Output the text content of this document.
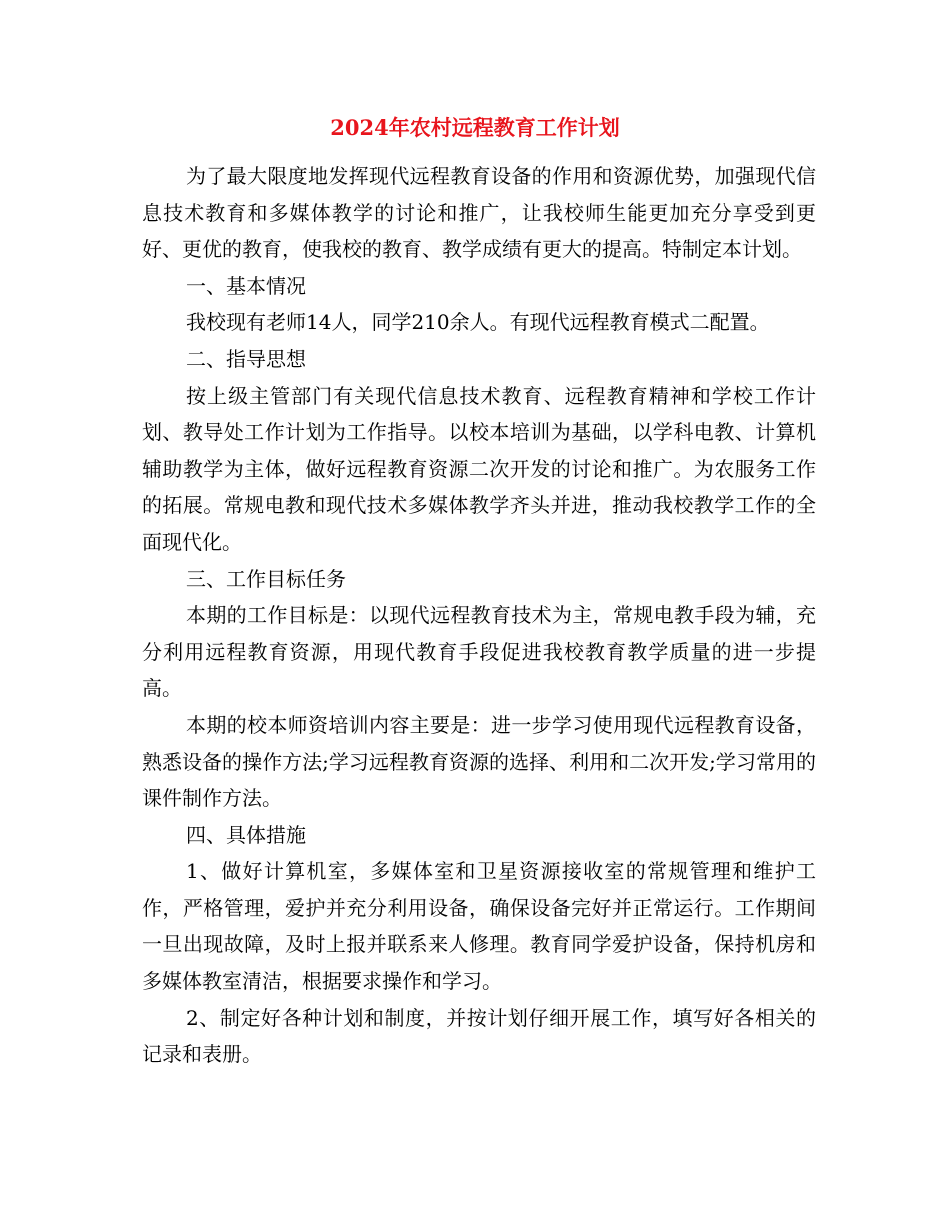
2024年农村远程教育工作计划

为了最大限度地发挥现代远程教育设备的作用和资源优势，加强现代信息技术教育和多媒体教学的讨论和推广，让我校师生能更加充分享受到更好、更优的教育，使我校的教育、教学成绩有更大的提高。特制定本计划。

一、基本情况

我校现有老师14人，同学210余人。有现代远程教育模式二配置。

二、指导思想

按上级主管部门有关现代信息技术教育、远程教育精神和学校工作计划、教导处工作计划为工作指导。以校本培训为基础，以学科电教、计算机辅助教学为主体，做好远程教育资源二次开发的讨论和推广。为农服务工作的拓展。常规电教和现代技术多媒体教学齐头并进，推动我校教学工作的全面现代化。

三、工作目标任务

本期的工作目标是：以现代远程教育技术为主，常规电教手段为辅，充分利用远程教育资源，用现代教育手段促进我校教育教学质量的进一步提高。

本期的校本师资培训内容主要是：进一步学习使用现代远程教育设备，熟悉设备的操作方法;学习远程教育资源的选择、利用和二次开发;学习常用的课件制作方法。

四、具体措施

1、做好计算机室，多媒体室和卫星资源接收室的常规管理和维护工作，严格管理，爱护并充分利用设备，确保设备完好并正常运行。工作期间一旦出现故障，及时上报并联系来人修理。教育同学爱护设备，保持机房和多媒体教室清洁，根据要求操作和学习。

2、制定好各种计划和制度，并按计划仔细开展工作，填写好各相关的记录和表册。
